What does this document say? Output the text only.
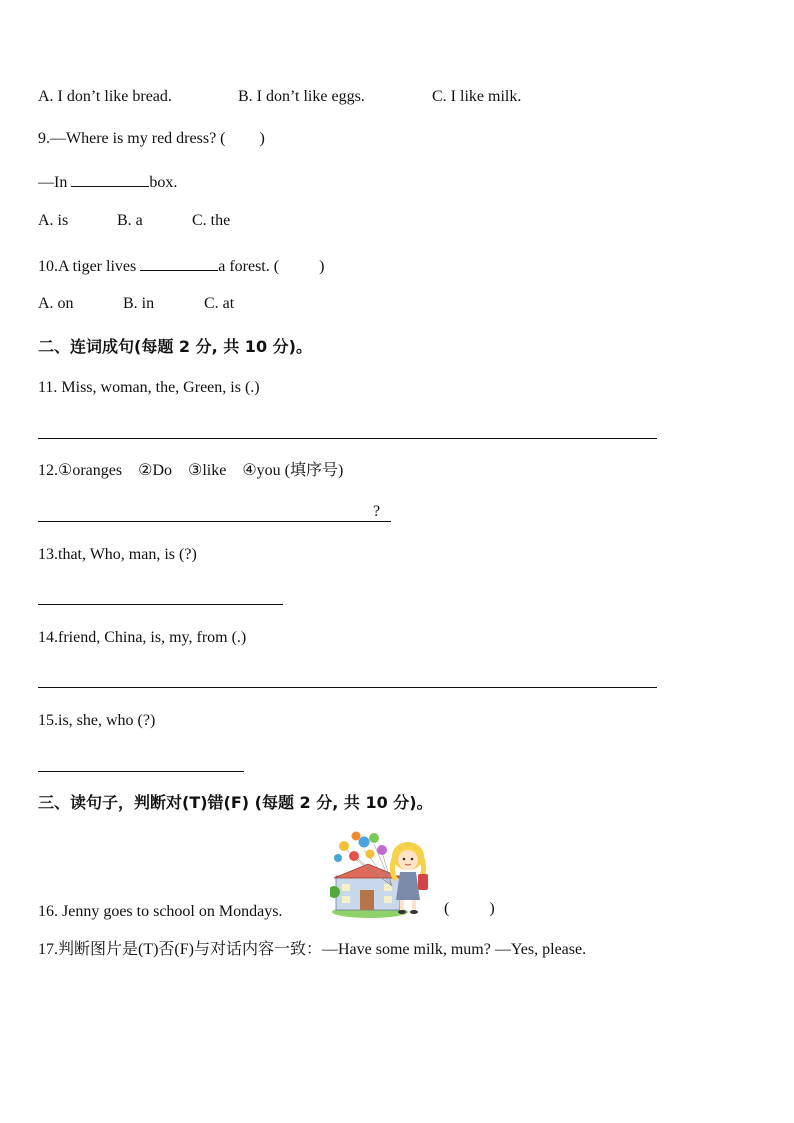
A. I don’t like bread.	B. I don’t like eggs.	C. I like milk.
9.—Where is my red dress? ( )
—In	box.
A. is	B. a	C. the
10.A tiger lives	a forest. (	)
A. on	B. in	C. at
二、连词成句(每题 2 分, 共 10 分)。
11. Miss, woman, the, Green, is (.)
12.①oranges    ②Do    ③like    ④you (填序号)
?
13.that, Who, man, is (?)
14.friend, China, is, my, from (.)
15.is, she, who (?)
三、读句子，判断对(T)错(F) (每题 2 分, 共 10 分)。
16. Jenny goes to school on Mondays.	(          )
17.判断图片是(T)否(F)与对话内容一致：—Have some milk, mum? —Yes, please.
